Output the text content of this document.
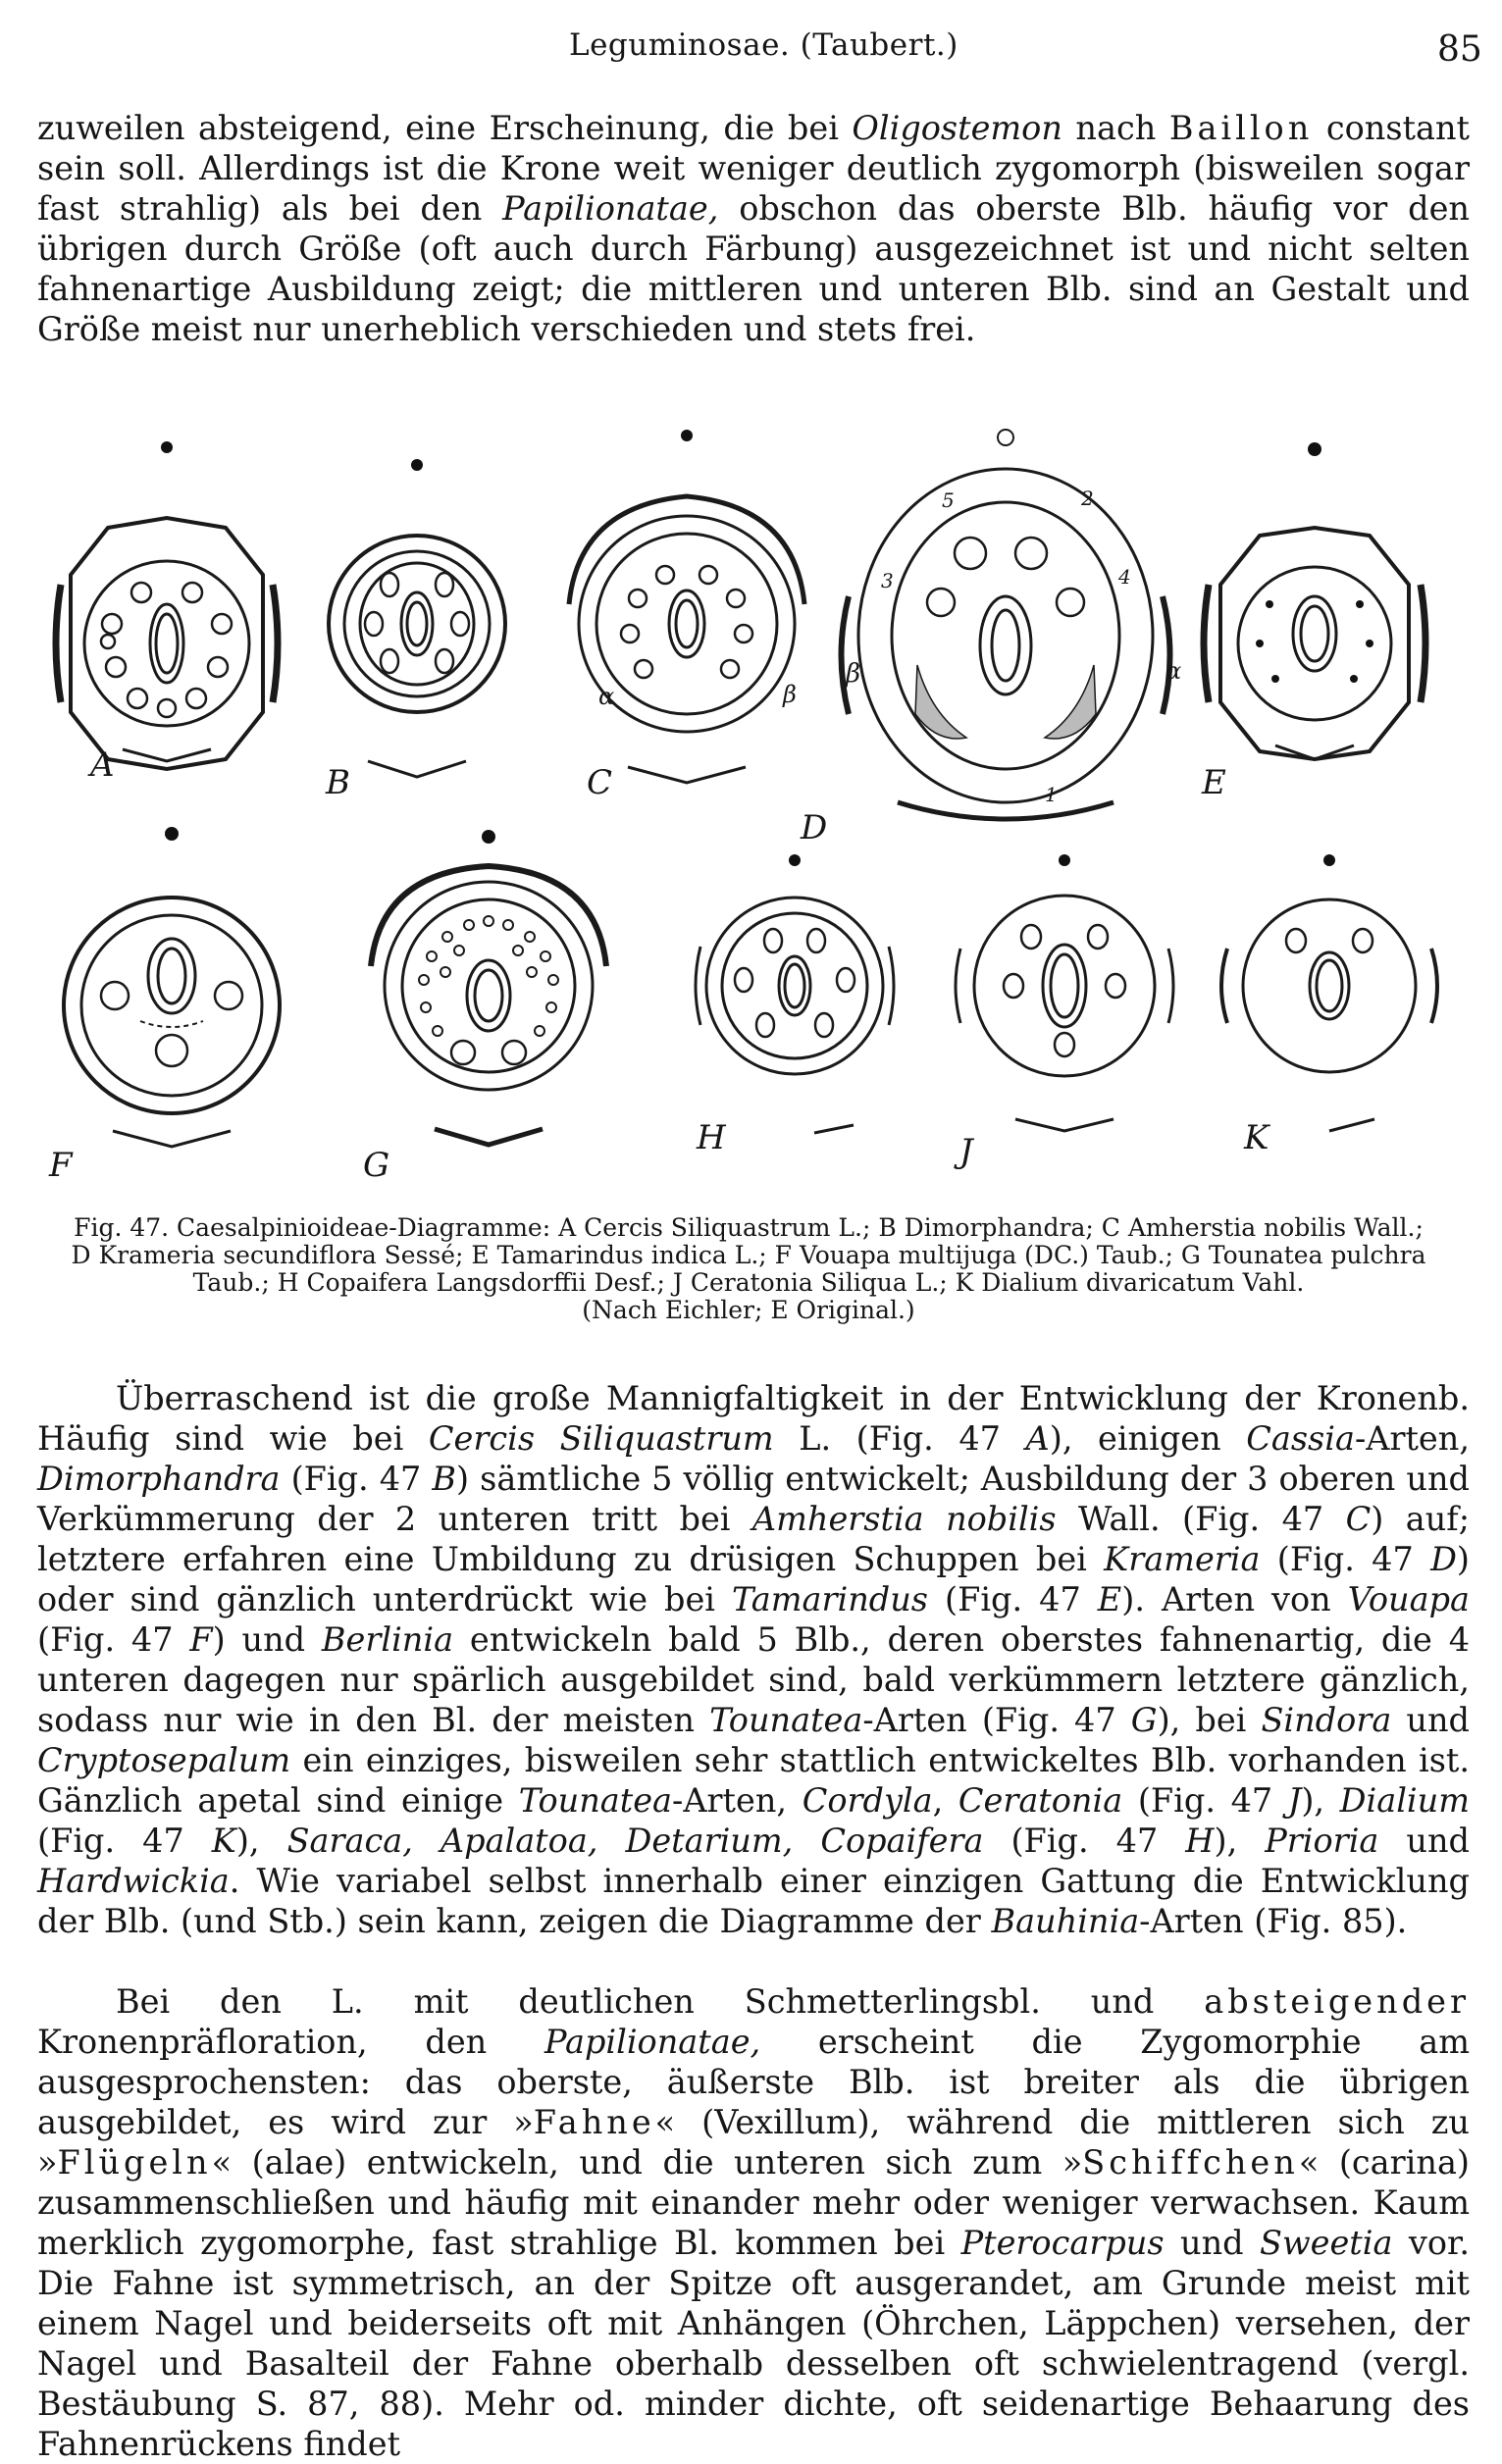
Leguminosae. (Taubert.)	85

zuweilen absteigend, eine Erscheinung, die bei Oligostemon nach Baillon constant sein soll. Allerdings ist die Krone weit weniger deutlich zygomorph (bisweilen sogar fast strahlig) als bei den Papilionatae, obschon das oberste Blb. häufig vor den übrigen durch Größe (oft auch durch Färbung) ausgezeichnet ist und nicht selten fahnenartige Ausbildung zeigt; die mittleren und unteren Blb. sind an Gestalt und Größe meist nur unerheblich verschieden und stets frei.

A	B	C
D
E
F	G
H	J	K
α	β
β	α
1
2
3	4
5
Fig. 47. Caesalpinioideae-Diagramme: A Cercis Siliquastrum L.; B Dimorphandra; C Amherstia nobilis Wall.;
D Krameria secundiflora Sessé; E Tamarindus indica L.; F Vouapa multijuga (DC.) Taub.; G Tounatea pulchra
Taub.; H Copaifera Langsdorffii Desf.; J Ceratonia Siliqua L.; K Dialium divaricatum Vahl.
(Nach Eichler; E Original.)

Überraschend ist die große Mannigfaltigkeit in der Entwicklung der Kronenb. Häufig sind wie bei Cercis Siliquastrum L. (Fig. 47 A), einigen Cassia-Arten, Dimorphandra (Fig. 47 B) sämtliche 5 völlig entwickelt; Ausbildung der 3 oberen und Verkümmerung der 2 unteren tritt bei Amherstia nobilis Wall. (Fig. 47 C) auf; letztere erfahren eine Umbildung zu drüsigen Schuppen bei Krameria (Fig. 47 D) oder sind gänzlich unterdrückt wie bei Tamarindus (Fig. 47 E). Arten von Vouapa (Fig. 47 F) und Berlinia entwickeln bald 5 Blb., deren oberstes fahnenartig, die 4 unteren dagegen nur spärlich ausgebildet sind, bald verkümmern letztere gänzlich, sodass nur wie in den Bl. der meisten Tounatea-Arten (Fig. 47 G), bei Sindora und Cryptosepalum ein einziges, bisweilen sehr stattlich entwickeltes Blb. vorhanden ist. Gänzlich apetal sind einige Tounatea-Arten, Cordyla, Ceratonia (Fig. 47 J), Dialium (Fig. 47 K), Saraca, Apalatoa, Detarium, Copaifera (Fig. 47 H), Prioria und Hardwickia. Wie variabel selbst innerhalb einer einzigen Gattung die Entwicklung der Blb. (und Stb.) sein kann, zeigen die Diagramme der Bauhinia-Arten (Fig. 85).

Bei den L. mit deutlichen Schmetterlingsbl. und absteigender Kronenpräfloration, den Papilionatae, erscheint die Zygomorphie am ausgesprochensten: das oberste, äußerste Blb. ist breiter als die übrigen ausgebildet, es wird zur »Fahne« (Vexillum), während die mittleren sich zu »Flügeln« (alae) entwickeln, und die unteren sich zum »Schiffchen« (carina) zusammenschließen und häufig mit einander mehr oder weniger verwachsen. Kaum merklich zygomorphe, fast strahlige Bl. kommen bei Pterocarpus und Sweetia vor. Die Fahne ist symmetrisch, an der Spitze oft ausgerandet, am Grunde meist mit einem Nagel und beiderseits oft mit Anhängen (Öhrchen, Läppchen) versehen, der Nagel und Basalteil der Fahne oberhalb desselben oft schwielentragend (vergl. Bestäubung S. 87, 88). Mehr od. minder dichte, oft seidenartige Behaarung des Fahnenrückens findet
